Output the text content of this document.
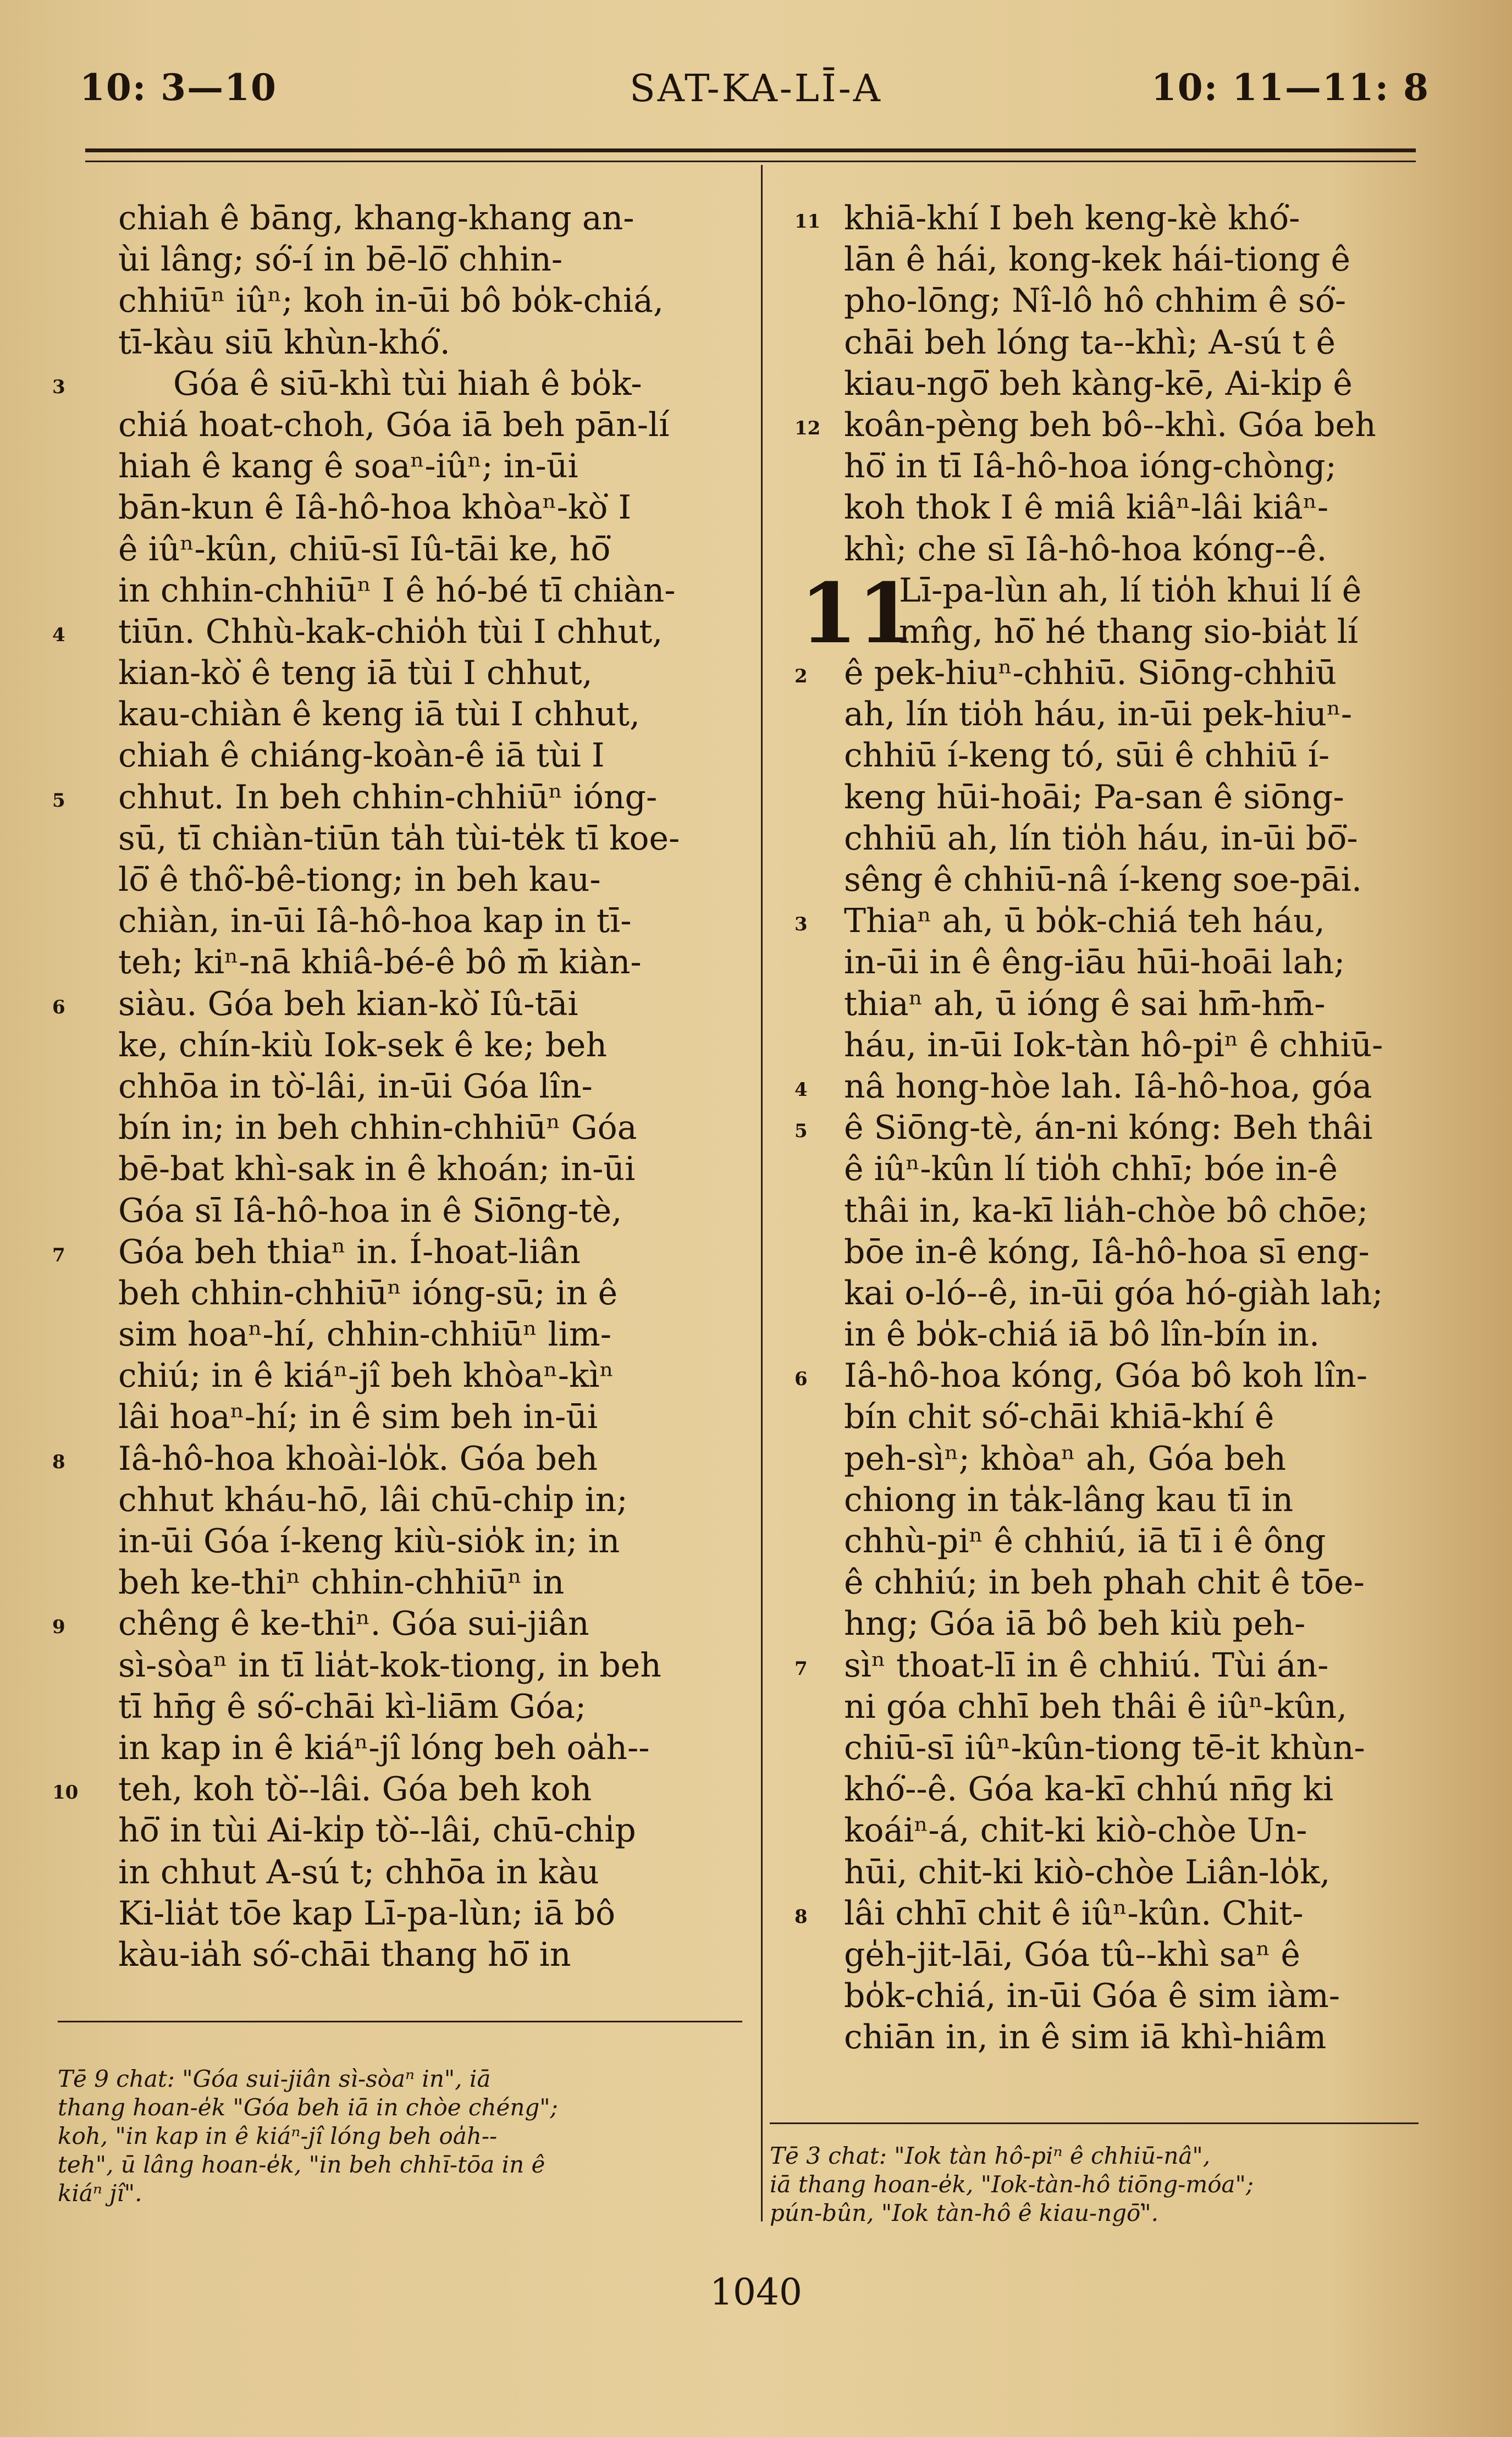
10: 3—10	SAT-KA-LĪ-A	10: 11—11: 8
chiah ê bāng, khang-khang an-
ùi lâng; só͘-í in bē-lō͘ chhin-
chhiūⁿ iûⁿ; koh in-ūi bô bo̍k-chiá,
tī-kàu siū khùn-khó͘.
3	Góa ê siū-khì tùi hiah ê bo̍k-
chiá hoat-choh, Góa iā beh pān-lí
hiah ê kang ê soaⁿ-iûⁿ; in-ūi
bān-kun ê Iâ-hô-hoa khòaⁿ-kò͘ I
ê iûⁿ-kûn, chiū-sī Iû-tāi ke, hō͘
in chhin-chhiūⁿ I ê hó-bé tī chiàn-
4 tiūn. Chhù-kak-chio̍h tùi I chhut,
kian-kò͘ ê teng iā tùi I chhut,
kau-chiàn ê keng iā tùi I chhut,
chiah ê chiáng-koàn-ê iā tùi I
5 chhut. In beh chhin-chhiūⁿ ióng-
sū, tī chiàn-tiūn ta̍h tùi-te̍k tī koe-
lō͘ ê thô͘-bê-tiong; in beh kau-
chiàn, in-ūi Iâ-hô-hoa kap in tī-
teh; kiⁿ-nā khiâ-bé-ê bô m̄ kiàn-
6 siàu. Góa beh kian-kò͘ Iû-tāi
ke, chín-kiù Iok-sek ê ke; beh
chhōa in tò͘-lâi, in-ūi Góa lîn-
bín in; in beh chhin-chhiūⁿ Góa
bē-bat khì-sak in ê khoán; in-ūi
Góa sī Iâ-hô-hoa in ê Siōng-tè,
7 Góa beh thiaⁿ in. Í-hoat-liân
beh chhin-chhiūⁿ ióng-sū; in ê
sim hoaⁿ-hí, chhin-chhiūⁿ lim-
chiú; in ê kiáⁿ-jî beh khòaⁿ-kìⁿ
lâi hoaⁿ-hí; in ê sim beh in-ūi
8 Iâ-hô-hoa khoài-lo̍k. Góa beh
chhut kháu-hō, lâi chū-chi̍p in;
in-ūi Góa í-keng kiù-sio̍k in; in
beh ke-thiⁿ chhin-chhiūⁿ in
9 chêng ê ke-thiⁿ. Góa sui-jiân
sì-sòaⁿ in tī lia̍t-kok-tiong, in beh
tī hn̄g ê só͘-chāi kì-liām Góa;
in kap in ê kiáⁿ-jî lóng beh oa̍h--
10 teh, koh tò͘--lâi. Góa beh koh
hō͘ in tùi Ai-ki̍p tò͘--lâi, chū-chi̍p
in chhut A-sú t; chhōa in kàu
Ki-lia̍t tōe kap Lī-pa-lùn; iā bô
kàu-ia̍h só͘-chāi thang hō͘ in
11 khiā-khí I beh keng-kè khó͘-
lān ê hái, kong-kek hái-tiong ê
pho-lōng; Nî-lô hô chhim ê só͘-
chāi beh lóng ta--khì; A-sú t ê
kiau-ngō͘ beh kàng-kē, Ai-ki̍p ê
12 koân-pèng beh bô--khì. Góa beh
hō͘ in tī Iâ-hô-hoa ióng-chòng;
koh thok I ê miâ kiâⁿ-lâi kiâⁿ-
khì; che sī Iâ-hô-hoa kóng--ê.
11
Lī-pa-lùn ah, lí tio̍h khui lí ê
mn̂g, hō͘ hé thang sio-bia̍t lí
2 ê pek-hiuⁿ-chhiū. Siōng-chhiū
ah, lín tio̍h háu, in-ūi pek-hiuⁿ-
chhiū í-keng tó, sūi ê chhiū í-
keng hūi-hoāi; Pa-san ê siōng-
chhiū ah, lín tio̍h háu, in-ūi bō͘-
sêng ê chhiū-nâ í-keng soe-pāi.
3 Thiaⁿ ah, ū bo̍k-chiá teh háu,
in-ūi in ê êng-iāu hūi-hoāi lah;
thiaⁿ ah, ū ióng ê sai hm̄-hm̄-
háu, in-ūi Iok-tàn hô-piⁿ ê chhiū-
4 nâ hong-hòe lah. Iâ-hô-hoa, góa
5 ê Siōng-tè, án-ni kóng: Beh thâi
ê iûⁿ-kûn lí tio̍h chhī; bóe in-ê
thâi in, ka-kī lia̍h-chòe bô chōe;
bōe in-ê kóng, Iâ-hô-hoa sī eng-
kai o-ló--ê, in-ūi góa hó-giàh lah;
in ê bo̍k-chiá iā bô lîn-bín in.
6 Iâ-hô-hoa kóng, Góa bô koh lîn-
bín chit só͘-chāi khiā-khí ê
peh-sìⁿ; khòaⁿ ah, Góa beh
chiong in ta̍k-lâng kau tī in
chhù-piⁿ ê chhiú, iā tī i ê ông
ê chhiú; in beh phah chit ê tōe-
hng; Góa iā bô beh kiù peh-
7 sìⁿ thoat-lī in ê chhiú. Tùi án-
ni góa chhī beh thâi ê iûⁿ-kûn,
chiū-sī iûⁿ-kûn-tiong tē-it khùn-
khó͘--ê. Góa ka-kī chhú nn̄g ki
koáiⁿ-á, chit-ki kiò-chòe Un-
hūi, chit-ki kiò-chòe Liân-lo̍k,
8 lâi chhī chit ê iûⁿ-kûn. Chit-
ge̍h-jit-lāi, Góa tû--khì saⁿ ê
bo̍k-chiá, in-ūi Góa ê sim iàm-
chiān in, in ê sim iā khì-hiâm
Tē 9 chat: "Góa sui-jiân sì-sòaⁿ in", iā
thang hoan-e̍k "Góa beh iā in chòe chéng";
koh, "in kap in ê kiáⁿ-jî lóng beh oa̍h--
teh", ū lâng hoan-e̍k, "in beh chhī-tōa in ê
kiáⁿ jî".
Tē 3 chat: "Iok tàn hô-piⁿ ê chhiū-nâ",
iā thang hoan-e̍k, "Iok-tàn-hô tiōng-móa";
pún-bûn, "Iok tàn-hô ê kiau-ngō͘".
1040
